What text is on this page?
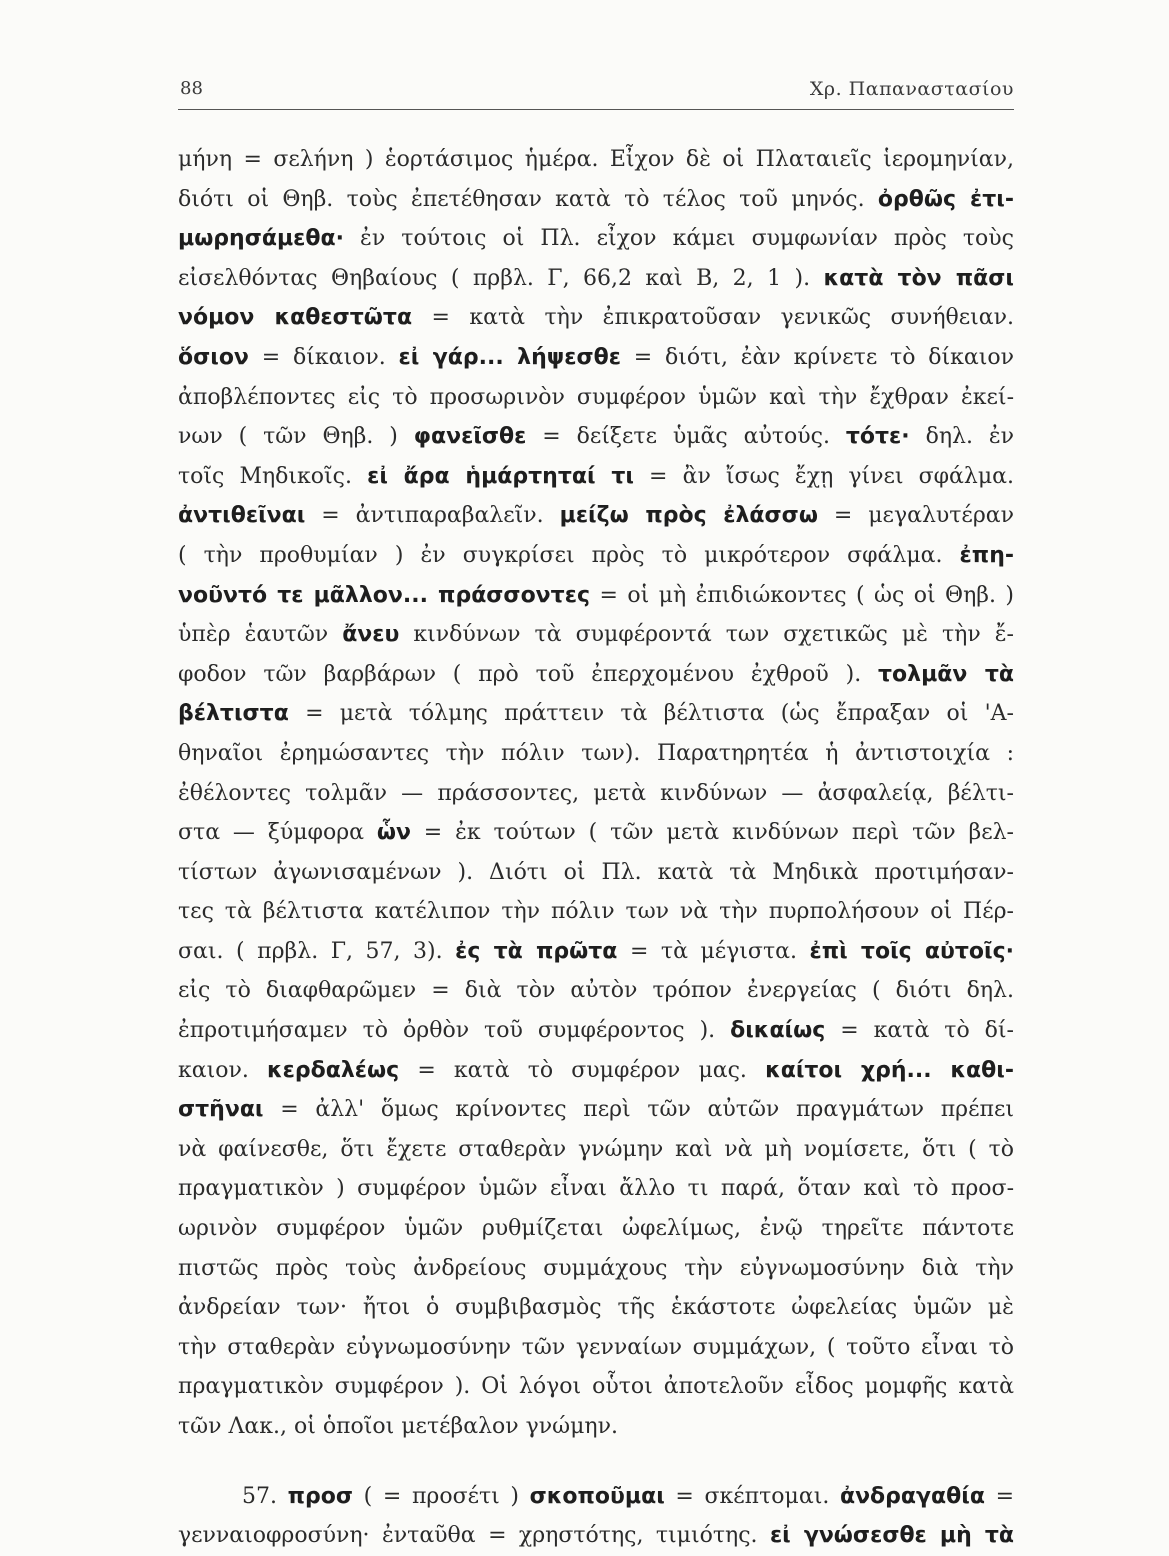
88	Χρ. Παπαναστασίου
μήνη = σελήνη ) ἑορτάσιμος ἡμέρα. Εἶχον δὲ οἱ Πλαταιεῖς ἱερομηνίαν,
διότι οἱ Θηβ. τοὺς ἐπετέθησαν κατὰ τὸ τέλος τοῦ μηνός. ὀρθῶς ἐτι-
μωρησάμεθα· ἐν τούτοις οἱ Πλ. εἶχον κάμει συμφωνίαν πρὸς τοὺς
εἰσελθόντας Θηβαίους ( πρβλ. Γ, 66,2 καὶ Β, 2, 1 ). κατὰ τὸν πᾶσι
νόμον καθεστῶτα = κατὰ τὴν ἐπικρατοῦσαν γενικῶς συνήθειαν.
ὅσιον = δίκαιον. εἰ γάρ... λήψεσθε = διότι, ἐὰν κρίνετε τὸ δίκαιον
ἀποβλέποντες εἰς τὸ προσωρινὸν συμφέρον ὑμῶν καὶ τὴν ἔχθραν ἐκεί-
νων ( τῶν Θηβ. ) φανεῖσθε = δείξετε ὑμᾶς αὐτούς. τότε· δηλ. ἐν
τοῖς Μηδικοῖς. εἰ ἄρα ἡμάρτηταί τι = ἂν ἴσως ἔχῃ γίνει σφάλμα.
ἀντιθεῖναι = ἀντιπαραβαλεῖν. μείζω πρὸς ἐλάσσω = μεγαλυτέραν
( τὴν προθυμίαν ) ἐν συγκρίσει πρὸς τὸ μικρότερον σφάλμα. ἐπη-
νοῦντό τε μᾶλλον... πράσσοντες = οἱ μὴ ἐπιδιώκοντες ( ὡς οἱ Θηβ. )
ὑπὲρ ἑαυτῶν ἄνευ κινδύνων τὰ συμφέροντά των σχετικῶς μὲ τὴν ἔ-
φοδον τῶν βαρβάρων ( πρὸ τοῦ ἐπερχομένου ἐχθροῦ ). τολμᾶν τὰ
βέλτιστα = μετὰ τόλμης πράττειν τὰ βέλτιστα (ὡς ἔπραξαν οἱ 'Α-
θηναῖοι ἐρημώσαντες τὴν πόλιν των). Παρατηρητέα ἡ ἀντιστοιχία :
ἐθέλοντες τολμᾶν — πράσσοντες, μετὰ κινδύνων — ἀσφαλείᾳ, βέλτι-
στα — ξύμφορα ὧν = ἐκ τούτων ( τῶν μετὰ κινδύνων περὶ τῶν βελ-
τίστων ἀγωνισαμένων ). Διότι οἱ Πλ. κατὰ τὰ Μηδικὰ προτιμήσαν-
τες τὰ βέλτιστα κατέλιπον τὴν πόλιν των νὰ τὴν πυρπολήσουν οἱ Πέρ-
σαι. ( πρβλ. Γ, 57, 3). ἐς τὰ πρῶτα = τὰ μέγιστα. ἐπὶ τοῖς αὐτοῖς·
εἰς τὸ διαφθαρῶμεν = διὰ τὸν αὐτὸν τρόπον ἐνεργείας ( διότι δηλ.
ἐπροτιμήσαμεν τὸ ὀρθὸν τοῦ συμφέροντος ). δικαίως = κατὰ τὸ δί-
καιον. κερδαλέως = κατὰ τὸ συμφέρον μας. καίτοι χρή... καθι-
στῆναι = ἀλλ' ὅμως κρίνοντες περὶ τῶν αὐτῶν πραγμάτων πρέπει
νὰ φαίνεσθε, ὅτι ἔχετε σταθερὰν γνώμην καὶ νὰ μὴ νομίσετε, ὅτι ( τὸ
πραγματικὸν ) συμφέρον ὑμῶν εἶναι ἄλλο τι παρά, ὅταν καὶ τὸ προσ-
ωρινὸν συμφέρον ὑμῶν ρυθμίζεται ὠφελίμως, ἐνῷ τηρεῖτε πάντοτε
πιστῶς πρὸς τοὺς ἀνδρείους συμμάχους τὴν εὐγνωμοσύνην διὰ τὴν
ἀνδρείαν των· ἤτοι ὁ συμβιβασμὸς τῆς ἑκάστοτε ὠφελείας ὑμῶν μὲ
τὴν σταθερὰν εὐγνωμοσύνην τῶν γενναίων συμμάχων, ( τοῦτο εἶναι τὸ
πραγματικὸν συμφέρον ). Οἱ λόγοι οὗτοι ἀποτελοῦν εἶδος μομφῆς κατὰ
τῶν Λακ., οἱ ὁποῖοι μετέβαλον γνώμην.
57. προσ ( = προσέτι ) σκοποῦμαι = σκέπτομαι. ἀνδραγαθία =
γενναιοφροσύνη· ἐνταῦθα = χρηστότης, τιμιότης. εἰ γνώσεσθε μὴ τὰ
